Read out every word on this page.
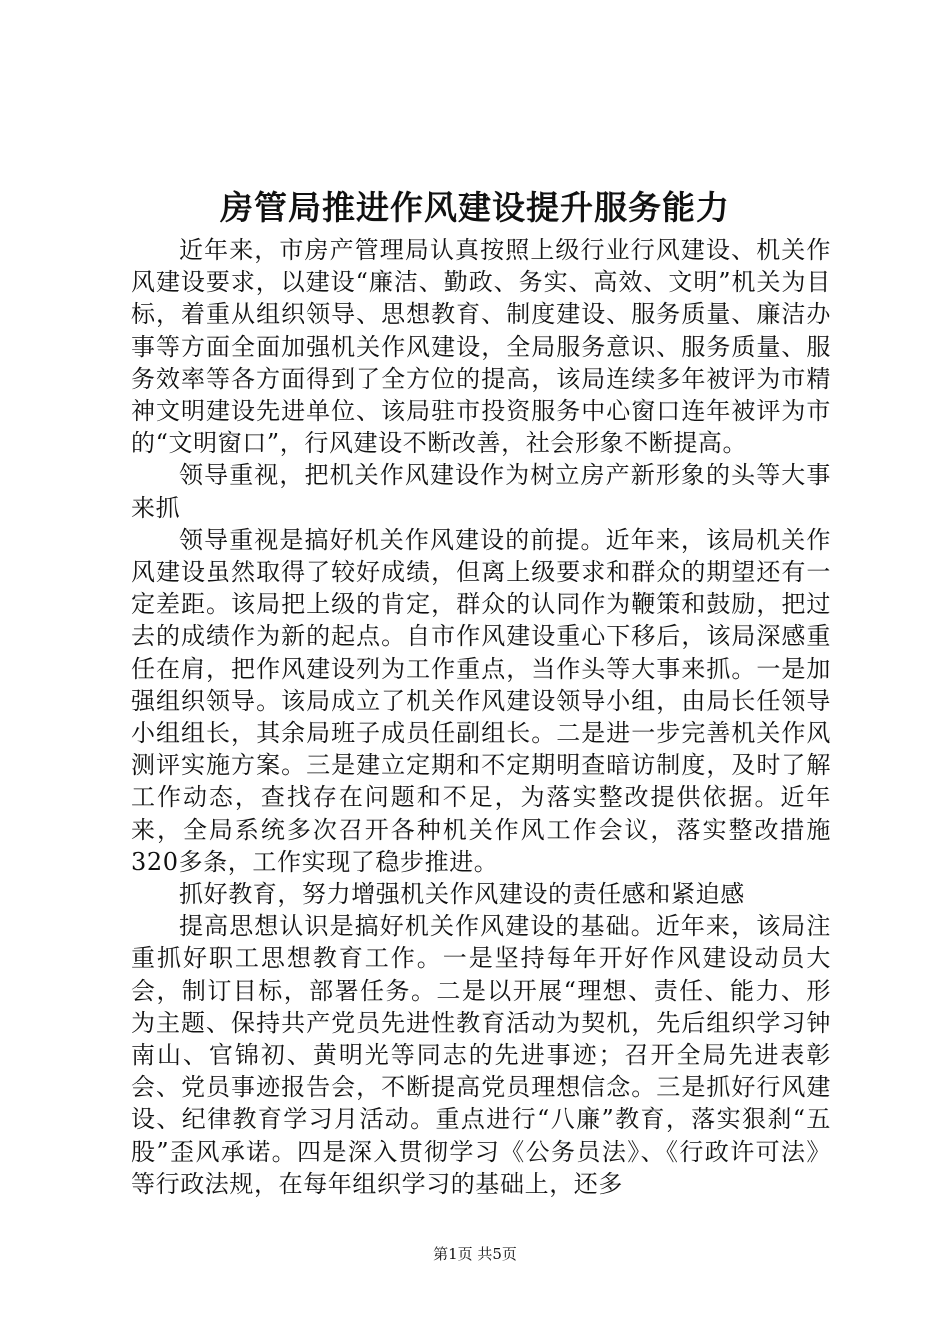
房管局推进作风建设提升服务能力

近年来，市房产管理局认真按照上级行业行风建设、机关作风建设要求，以建设“廉洁、勤政、务实、高效、文明”机关为目标，着重从组织领导、思想教育、制度建设、服务质量、廉洁办事等方面全面加强机关作风建设，全局服务意识、服务质量、服务效率等各方面得到了全方位的提高，该局连续多年被评为市精神文明建设先进单位、该局驻市投资服务中心窗口连年被评为市的“文明窗口”，行风建设不断改善，社会形象不断提高。

领导重视，把机关作风建设作为树立房产新形象的头等大事来抓

领导重视是搞好机关作风建设的前提。近年来，该局机关作风建设虽然取得了较好成绩，但离上级要求和群众的期望还有一定差距。该局把上级的肯定，群众的认同作为鞭策和鼓励，把过去的成绩作为新的起点。自市作风建设重心下移后，该局深感重任在肩，把作风建设列为工作重点，当作头等大事来抓。一是加强组织领导。该局成立了机关作风建设领导小组，由局长任领导小组组长，其余局班子成员任副组长。二是进一步完善机关作风测评实施方案。三是建立定期和不定期明查暗访制度，及时了解工作动态，查找存在问题和不足，为落实整改提供依据。近年来，全局系统多次召开各种机关作风工作会议，落实整改措施320多条，工作实现了稳步推进。

抓好教育，努力增强机关作风建设的责任感和紧迫感

提高思想认识是搞好机关作风建设的基础。近年来，该局注重抓好职工思想教育工作。一是坚持每年开好作风建设动员大会，制订目标，部署任务。二是以开展“理想、责任、能力、形为主题、保持共产党员先进性教育活动为契机，先后组织学习钟南山、官锦初、黄明光等同志的先进事迹；召开全局先进表彰会、党员事迹报告会，不断提高党员理想信念。三是抓好行风建设、纪律教育学习月活动。重点进行“八廉”教育，落实狠刹“五股”歪风承诺。四是深入贯彻学习《公务员法》、《行政许可法》等行政法规，在每年组织学习的基础上，还多

第1页 共5页
